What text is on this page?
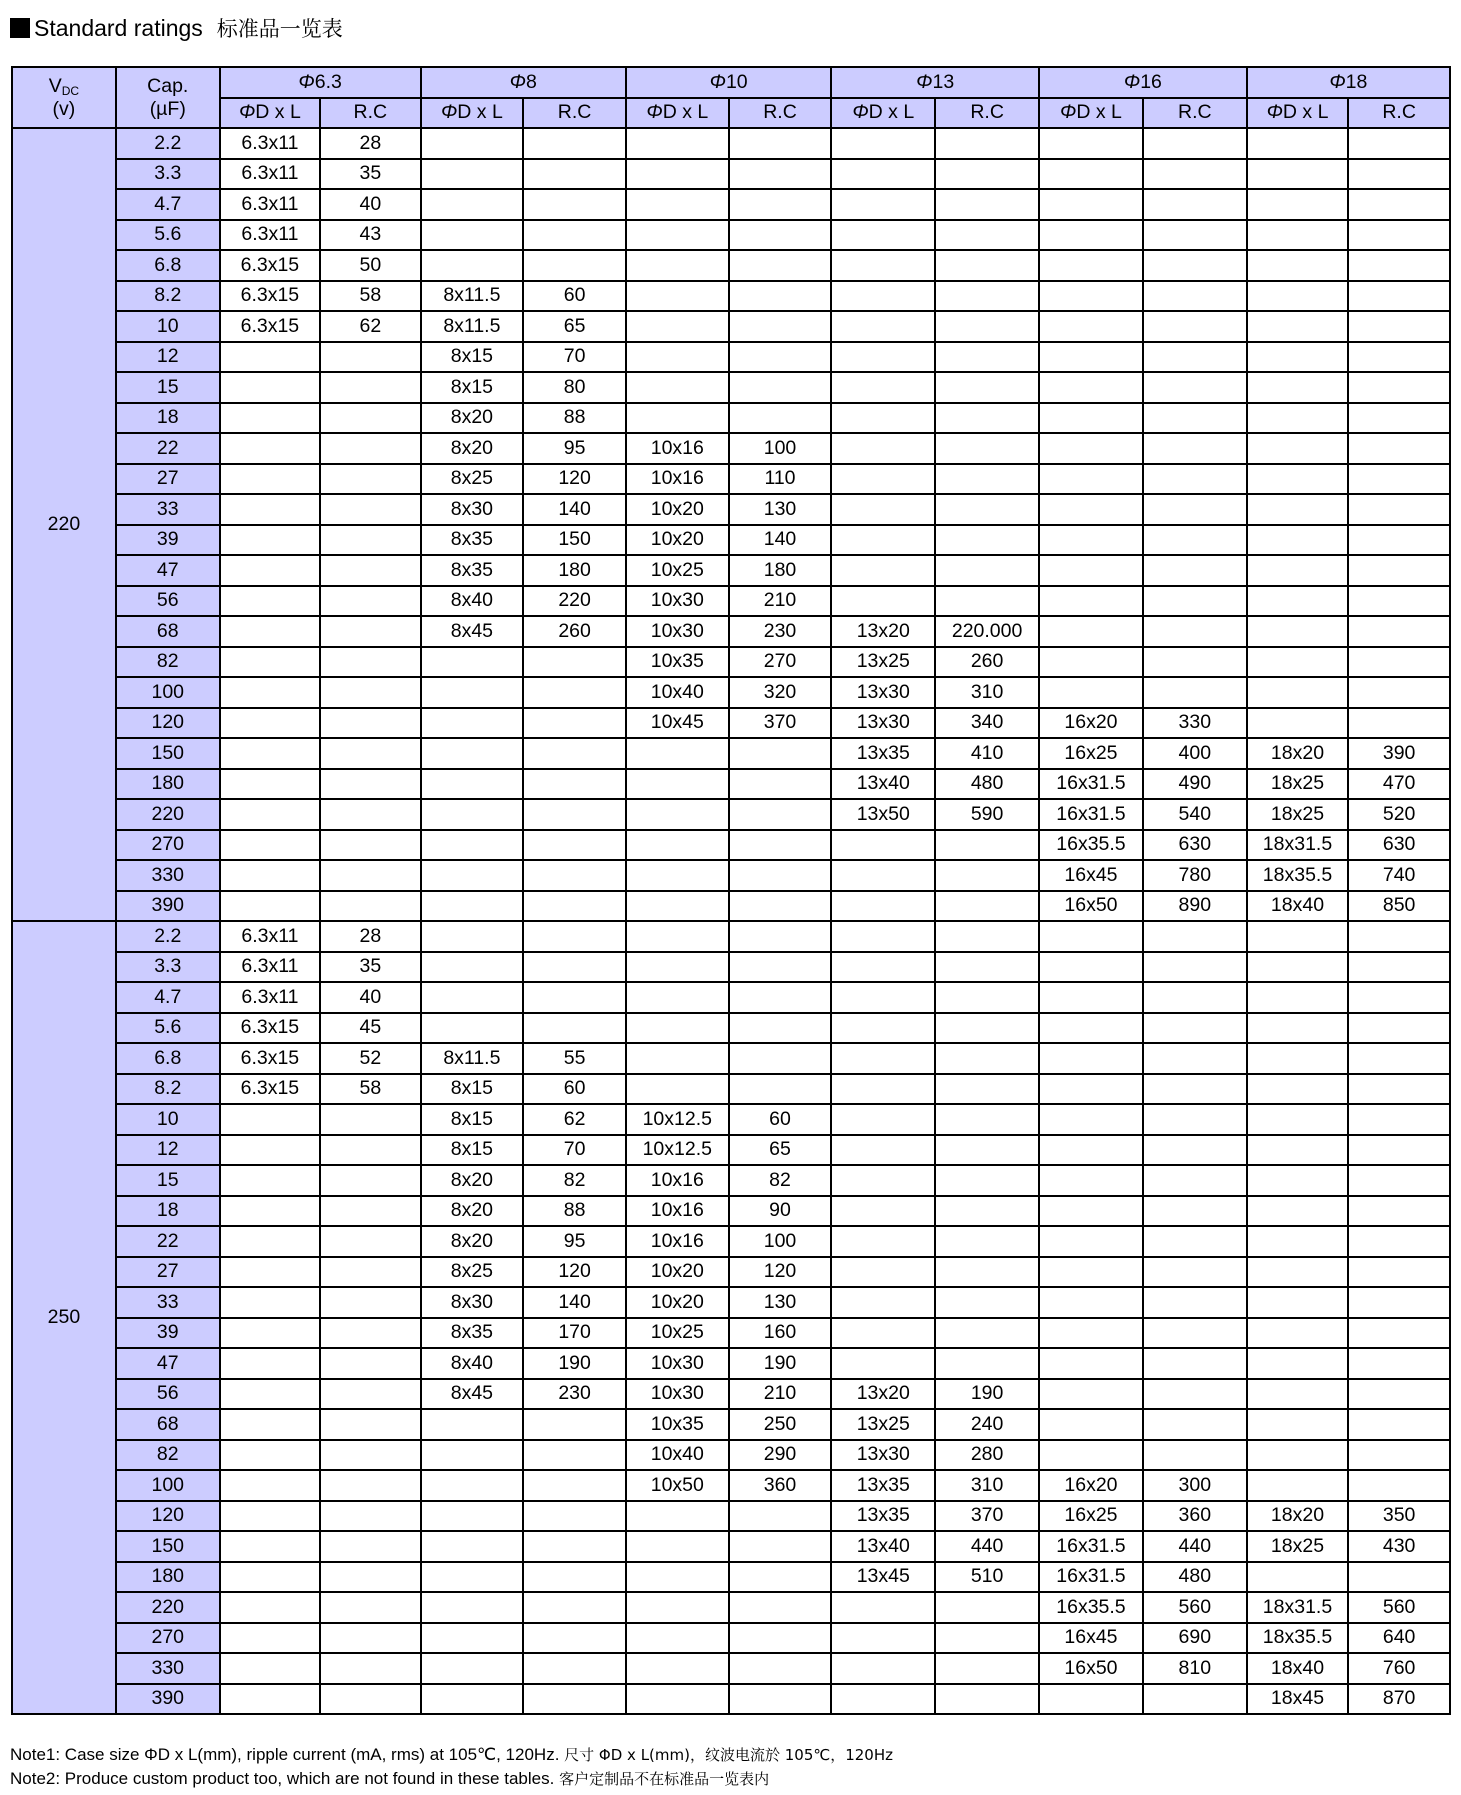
Standard ratings 标准品一览表
VDC
(v)	Cap.
(µF)	Φ6.3		Φ8		Φ10		Φ13		Φ16		Φ18	
		ΦD x L	R.C	ΦD x L	R.C	ΦD x L	R.C	ΦD x L	R.C	ΦD x L	R.C	ΦD x L	R.C
220	2.2	6.3x11	28										
	3.3	6.3x11	35										
	4.7	6.3x11	40										
	5.6	6.3x11	43										
	6.8	6.3x15	50										
	8.2	6.3x15	58	8x11.5	60								
	10	6.3x15	62	8x11.5	65								
	12			8x15	70								
	15			8x15	80								
	18			8x20	88								
	22			8x20	95	10x16	100						
	27			8x25	120	10x16	110						
	33			8x30	140	10x20	130						
	39			8x35	150	10x20	140						
	47			8x35	180	10x25	180						
	56			8x40	220	10x30	210						
	68			8x45	260	10x30	230	13x20	220.000				
	82					10x35	270	13x25	260				
	100					10x40	320	13x30	310				
	120					10x45	370	13x30	340	16x20	330		
	150							13x35	410	16x25	400	18x20	390
	180							13x40	480	16x31.5	490	18x25	470
	220							13x50	590	16x31.5	540	18x25	520
	270									16x35.5	630	18x31.5	630
	330									16x45	780	18x35.5	740
	390									16x50	890	18x40	850
250	2.2	6.3x11	28										
	3.3	6.3x11	35										
	4.7	6.3x11	40										
	5.6	6.3x15	45										
	6.8	6.3x15	52	8x11.5	55								
	8.2	6.3x15	58	8x15	60								
	10			8x15	62	10x12.5	60						
	12			8x15	70	10x12.5	65						
	15			8x20	82	10x16	82						
	18			8x20	88	10x16	90						
	22			8x20	95	10x16	100						
	27			8x25	120	10x20	120						
	33			8x30	140	10x20	130						
	39			8x35	170	10x25	160						
	47			8x40	190	10x30	190						
	56			8x45	230	10x30	210	13x20	190				
	68					10x35	250	13x25	240				
	82					10x40	290	13x30	280				
	100					10x50	360	13x35	310	16x20	300		
	120							13x35	370	16x25	360	18x20	350
	150							13x40	440	16x31.5	440	18x25	430
	180							13x45	510	16x31.5	480		
	220									16x35.5	560	18x31.5	560
	270									16x45	690	18x35.5	640
	330									16x50	810	18x40	760
	390											18x45	870
Note1: Case size ΦD x L(mm), ripple current (mA, rms) at 105℃, 120Hz. 尺寸 ΦD x L(mm)，纹波电流於 105℃，120Hz
Note2: Produce custom product too, which are not found in these tables. 客户定制品不在标准品一览表内
